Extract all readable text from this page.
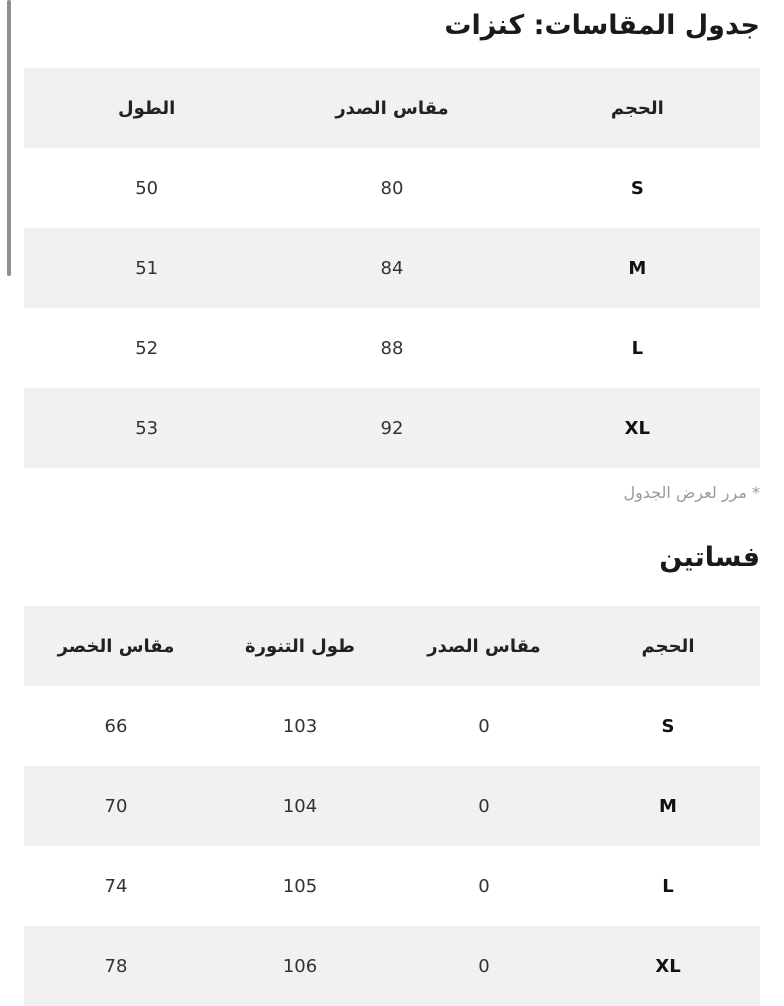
جدول المقاسات: كنزات
الحجم	مقاس الصدر	الطول
S	80	50
M	84	51
L	88	52
XL	92	53
* مرر لعرض الجدول
فساتين
الحجم	مقاس الصدر	طول التنورة	مقاس الخصر
S	0	103	66
M	0	104	70
L	0	105	74
XL	0	106	78
